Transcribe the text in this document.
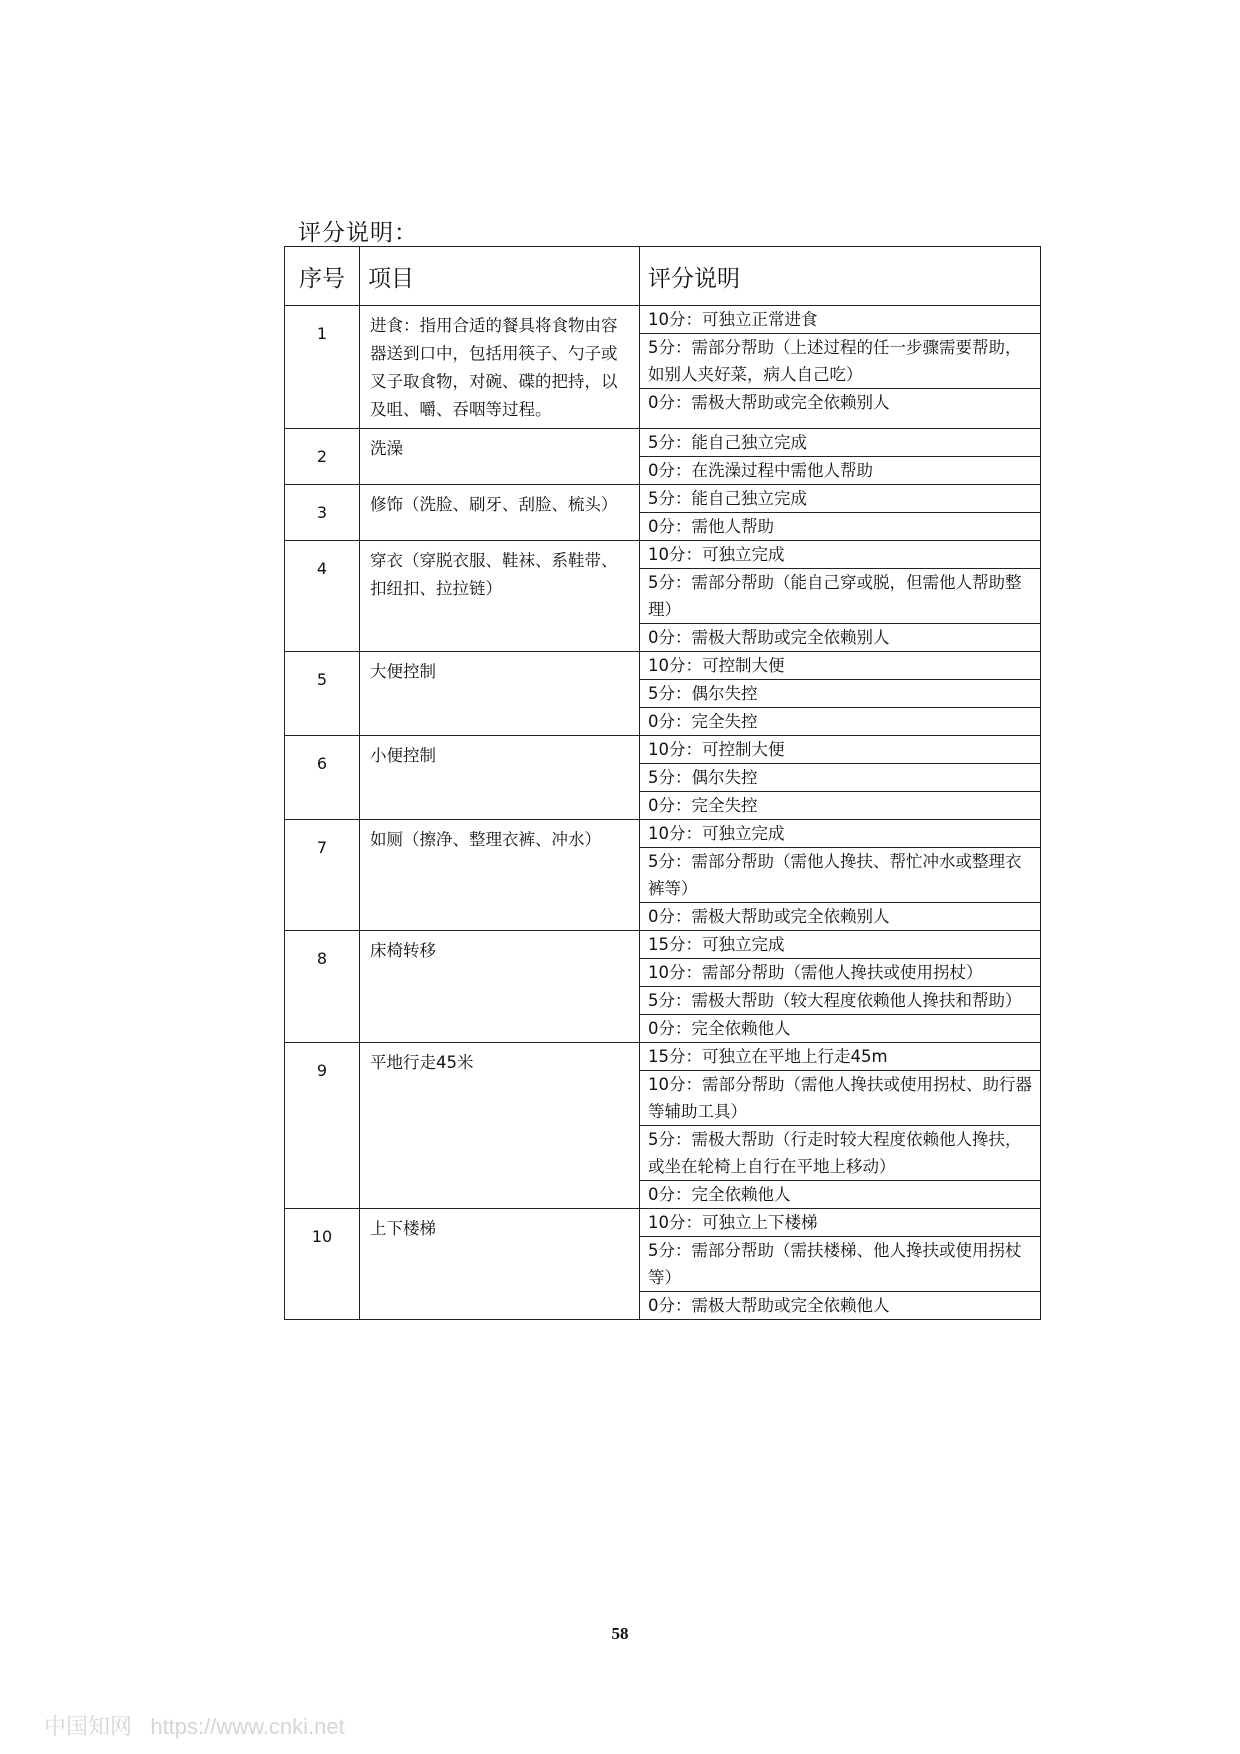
评分说明：
序号	项目	评分说明
1	进食：指用合适的餐具将食物由容器送到口中，包括用筷子、勺子或叉子取食物，对碗、碟的把持，以及咀、嚼、吞咽等过程。	10分：可独立正常进食
5分：需部分帮助（上述过程的任一步骤需要帮助，如别人夹好菜，病人自己吃）
0分：需极大帮助或完全依赖别人

2	洗澡	5分：能自己独立完成
0分：在洗澡过程中需他人帮助

3	修饰（洗脸、刷牙、刮脸、梳头）	5分：能自己独立完成
0分：需他人帮助

4	穿衣（穿脱衣服、鞋袜、系鞋带、扣纽扣、拉拉链）	10分：可独立完成
5分：需部分帮助（能自己穿或脱，但需他人帮助整理）
0分：需极大帮助或完全依赖别人

5	大便控制	10分：可控制大便
5分：偶尔失控
0分：完全失控

6	小便控制	10分：可控制大便
5分：偶尔失控
0分：完全失控

7	如厕（擦净、整理衣裤、冲水）	10分：可独立完成
5分：需部分帮助（需他人搀扶、帮忙冲水或整理衣裤等）
0分：需极大帮助或完全依赖别人

8	床椅转移	15分：可独立完成
10分：需部分帮助（需他人搀扶或使用拐杖）
5分：需极大帮助（较大程度依赖他人搀扶和帮助）
0分：完全依赖他人

9	平地行走45米	15分：可独立在平地上行走45m
10分：需部分帮助（需他人搀扶或使用拐杖、助行器等辅助工具）
5分：需极大帮助（行走时较大程度依赖他人搀扶，或坐在轮椅上自行在平地上移动）
0分：完全依赖他人

10	上下楼梯	10分：可独立上下楼梯
5分：需部分帮助（需扶楼梯、他人搀扶或使用拐杖等）
0分：需极大帮助或完全依赖他人
58
中国知网   https://www.cnki.net
